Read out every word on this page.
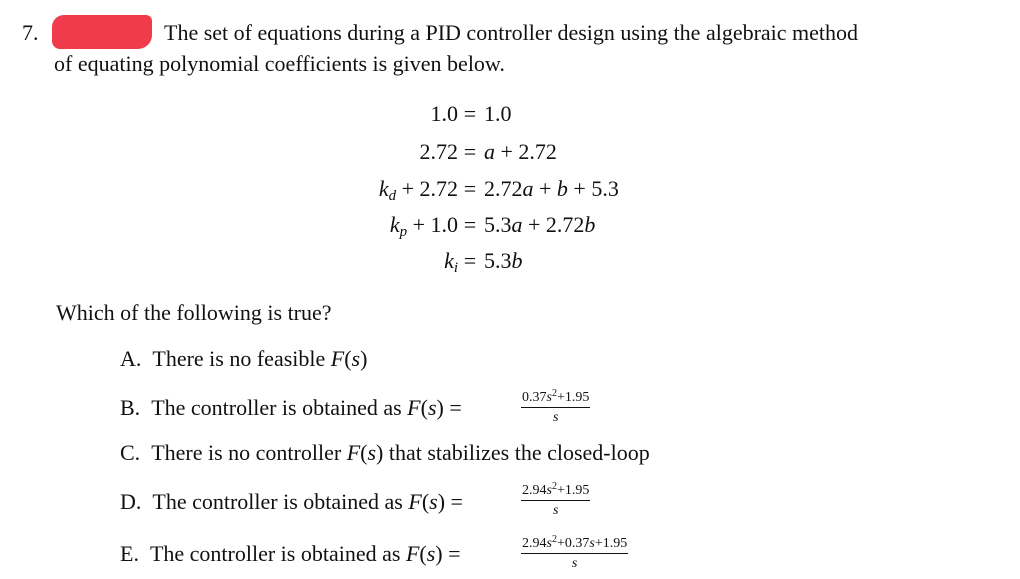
7.	The set of equations during a PID controller design using the algebraic method
of equating polynomial coefficients is given below.
1.0 = 1.0
2.72 = a + 2.72
$k_d + 2.72 = 2.72a + b + 5.3$
$k_p + 1.0 = 5.3a + 2.72b$
$k_i = 5.3b$
Which of the following is true?
A.  There is no feasible F(s)
B.  The controller is obtained as F(s) =	$\frac{0.37s^2+1.95}{s}$
C.  There is no controller F(s) that stabilizes the closed-loop
D.  The controller is obtained as F(s) =	$\frac{2.94s^2+1.95}{s}$
E.  The controller is obtained as F(s) =	$\frac{2.94s^2+0.37s+1.95}{s}$
